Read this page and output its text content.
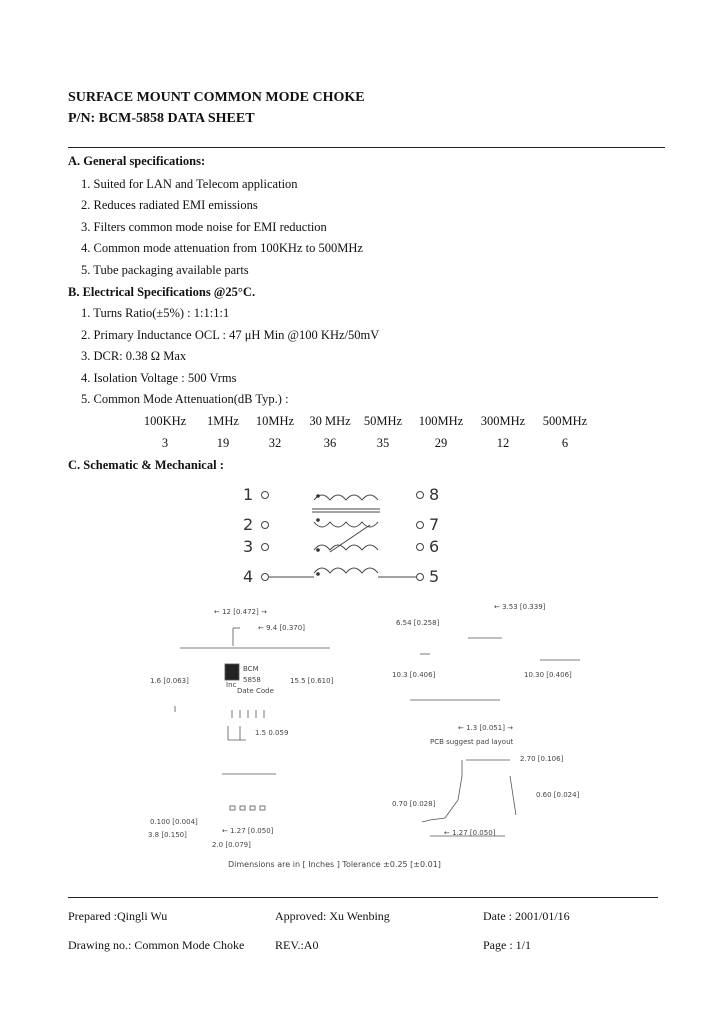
SURFACE MOUNT COMMON MODE CHOKE
P/N: BCM-5858 DATA SHEET
A. General specifications:
1. Suited for LAN and Telecom application
2. Reduces radiated EMI emissions
3. Filters common mode noise for EMI reduction
4. Common mode attenuation from 100KHz to 500MHz
5. Tube packaging available parts
B. Electrical Specifications @25°C.
1. Turns Ratio(±5%) : 1:1:1:1
2. Primary Inductance OCL : 47 μH Min @100 KHz/50mV
3. DCR: 0.38 Ω Max
4. Isolation Voltage : 500 Vrms
5. Common Mode Attenuation(dB Typ.) :
100KHz	1MHz	10MHz	30 MHz	50MHz	100MHz	300MHz	500MHz
3	19	32	36	35	29	12	6
C. Schematic & Mechanical :
1
2
3
4
8
7
6
5
← 12 [0.472] →
← 9.4 [0.370]
← 3.53 [0.339]
6.54 [0.258]
1.6 [0.063]	15.5 [0.610]
10.3 [0.406]	10.30 [0.406]
1.5 0.059
← 1.3 [0.051] →
PCB suggest pad layout
2.70 [0.106]
0.60 [0.024]
0.70 [0.028]
← 1.27 [0.050]	← 1.27 [0.050]
0.100 [0.004]
3.8 [0.150]
2.0 [0.079]
BCM
5858
Date Code
Inc
Dimensions are in [ Inches ] Tolerance ±0.25 [±0.01]
Prepared :Qingli Wu	Approved: Xu Wenbing	Date : 2001/01/16
Drawing no.: Common Mode Choke	REV.:A0	Page : 1/1
